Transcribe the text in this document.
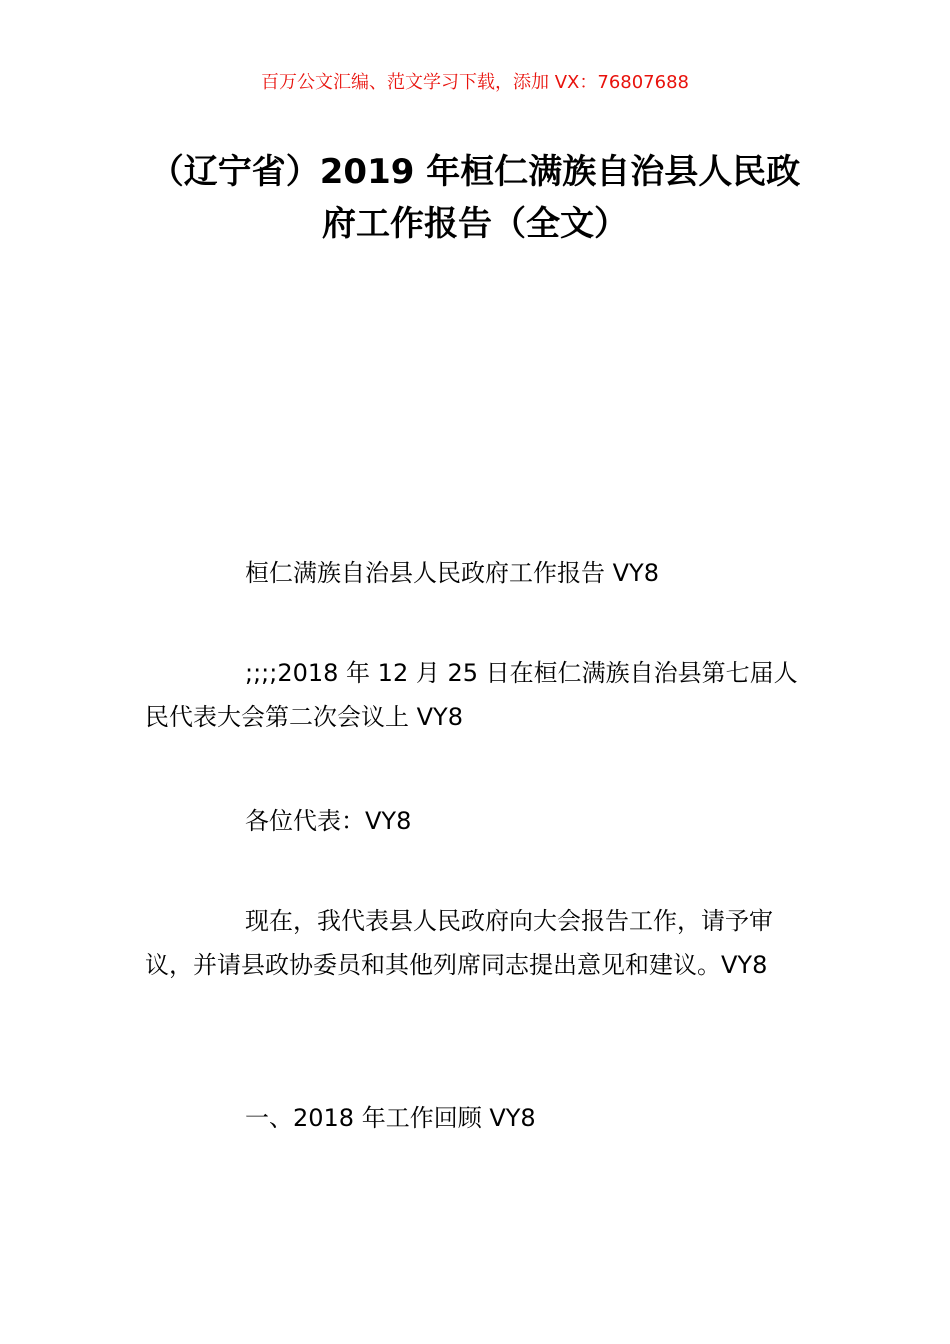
百万公文汇编、范文学习下载，添加 VX：76807688
（辽宁省）2019 年桓仁满族自治县人民政
府工作报告（全文）

桓仁满族自治县人民政府工作报告 VY8

;;;;2018 年 12 月 25 日在桓仁满族自治县第七届人民代表大会第二次会议上 VY8

各位代表：VY8

现在，我代表县人民政府向大会报告工作，请予审议，并请县政协委员和其他列席同志提出意见和建议。VY8

一、2018 年工作回顾 VY8
